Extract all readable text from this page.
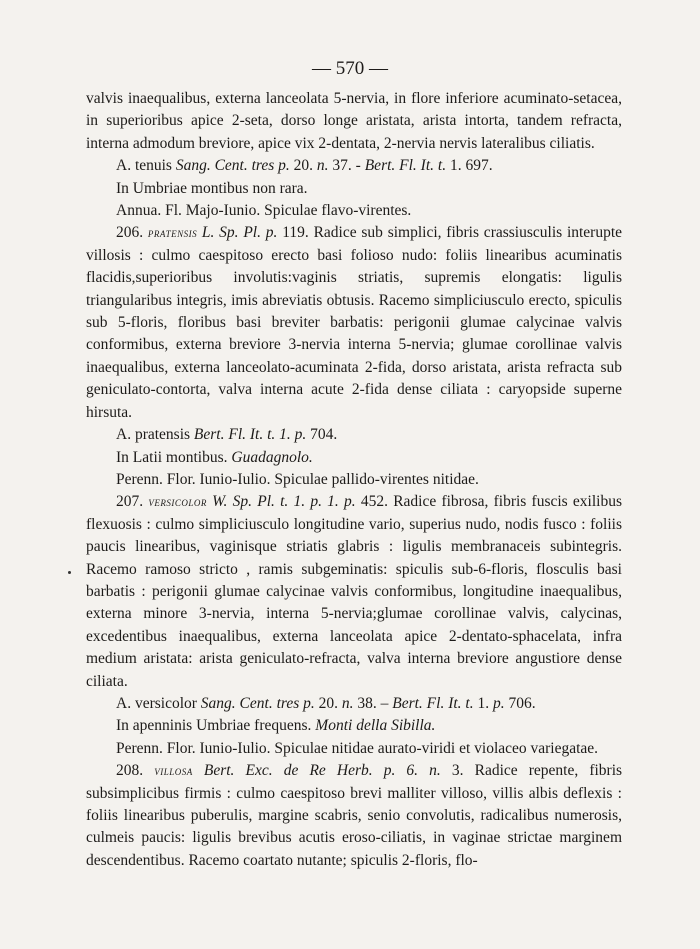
— 570 —

valvis inaequalibus, externa lanceolata 5-nervia, in flore inferiore acuminato-setacea, in superioribus apice 2-seta, dorso longe aristata, arista intorta, tandem refracta, interna admodum breviore, apice vix 2-dentata, 2-nervia nervis lateralibus ciliatis.

A. tenuis Sang. Cent. tres p. 20. n. 37. - Bert. Fl. It. t. 1. 697.

In Umbriae montibus non rara.

Annua. Fl. Majo-Iunio. Spiculae flavo-virentes.

206. pratensis L. Sp. Pl. p. 119. Radice sub simplici, fibris crassiusculis interupte villosis : culmo caespitoso erecto basi folioso nudo: foliis linearibus acuminatis flacidis,superioribus involutis:vaginis striatis, supremis elongatis: ligulis triangularibus integris, imis abreviatis obtusis. Racemo simpliciusculo erecto, spiculis sub 5-floris, floribus basi breviter barbatis: perigonii glumae calycinae valvis conformibus, externa breviore 3-nervia interna 5-nervia; glumae corollinae valvis inaequalibus, externa lanceolato-acuminata 2-fida, dorso aristata, arista refracta sub geniculato-contorta, valva interna acute 2-fida dense ciliata : caryopside superne hirsuta.

A. pratensis Bert. Fl. It. t. 1. p. 704.

In Latii montibus. Guadagnolo.

Perenn. Flor. Iunio-Iulio. Spiculae pallido-virentes nitidae.

207. versicolor W. Sp. Pl. t. 1. p. 1. p. 452. Radice fibrosa, fibris fuscis exilibus flexuosis : culmo simpliciusculo longitudine vario, superius nudo, nodis fusco : foliis paucis linearibus, vaginisque striatis glabris : ligulis membranaceis subintegris. Racemo ramoso stricto , ramis subgeminatis: spiculis sub-6-floris, flosculis basi barbatis : perigonii glumae calycinae valvis conformibus, longitudine inaequalibus, externa minore 3-nervia, interna 5-nervia;glumae corollinae valvis, calycinas, excedentibus inaequalibus, externa lanceolata apice 2-dentato-sphacelata, infra medium aristata: arista geniculato-refracta, valva interna breviore angustiore dense ciliata.

A. versicolor Sang. Cent. tres p. 20. n. 38. – Bert. Fl. It. t. 1. p. 706.

In apenninis Umbriae frequens. Monti della Sibilla.

Perenn. Flor. Iunio-Iulio. Spiculae nitidae aurato-viridi et violaceo variegatae.

208. villosa Bert. Exc. de Re Herb. p. 6. n. 3. Radice repente, fibris subsimplicibus firmis : culmo caespitoso brevi malliter villoso, villis albis deflexis : foliis linearibus puberulis, margine scabris, senio convolutis, radicalibus numerosis, culmeis paucis: ligulis brevibus acutis eroso-ciliatis, in vaginae strictae marginem descendentibus. Racemo coartato nutante; spiculis 2-floris, flo-
